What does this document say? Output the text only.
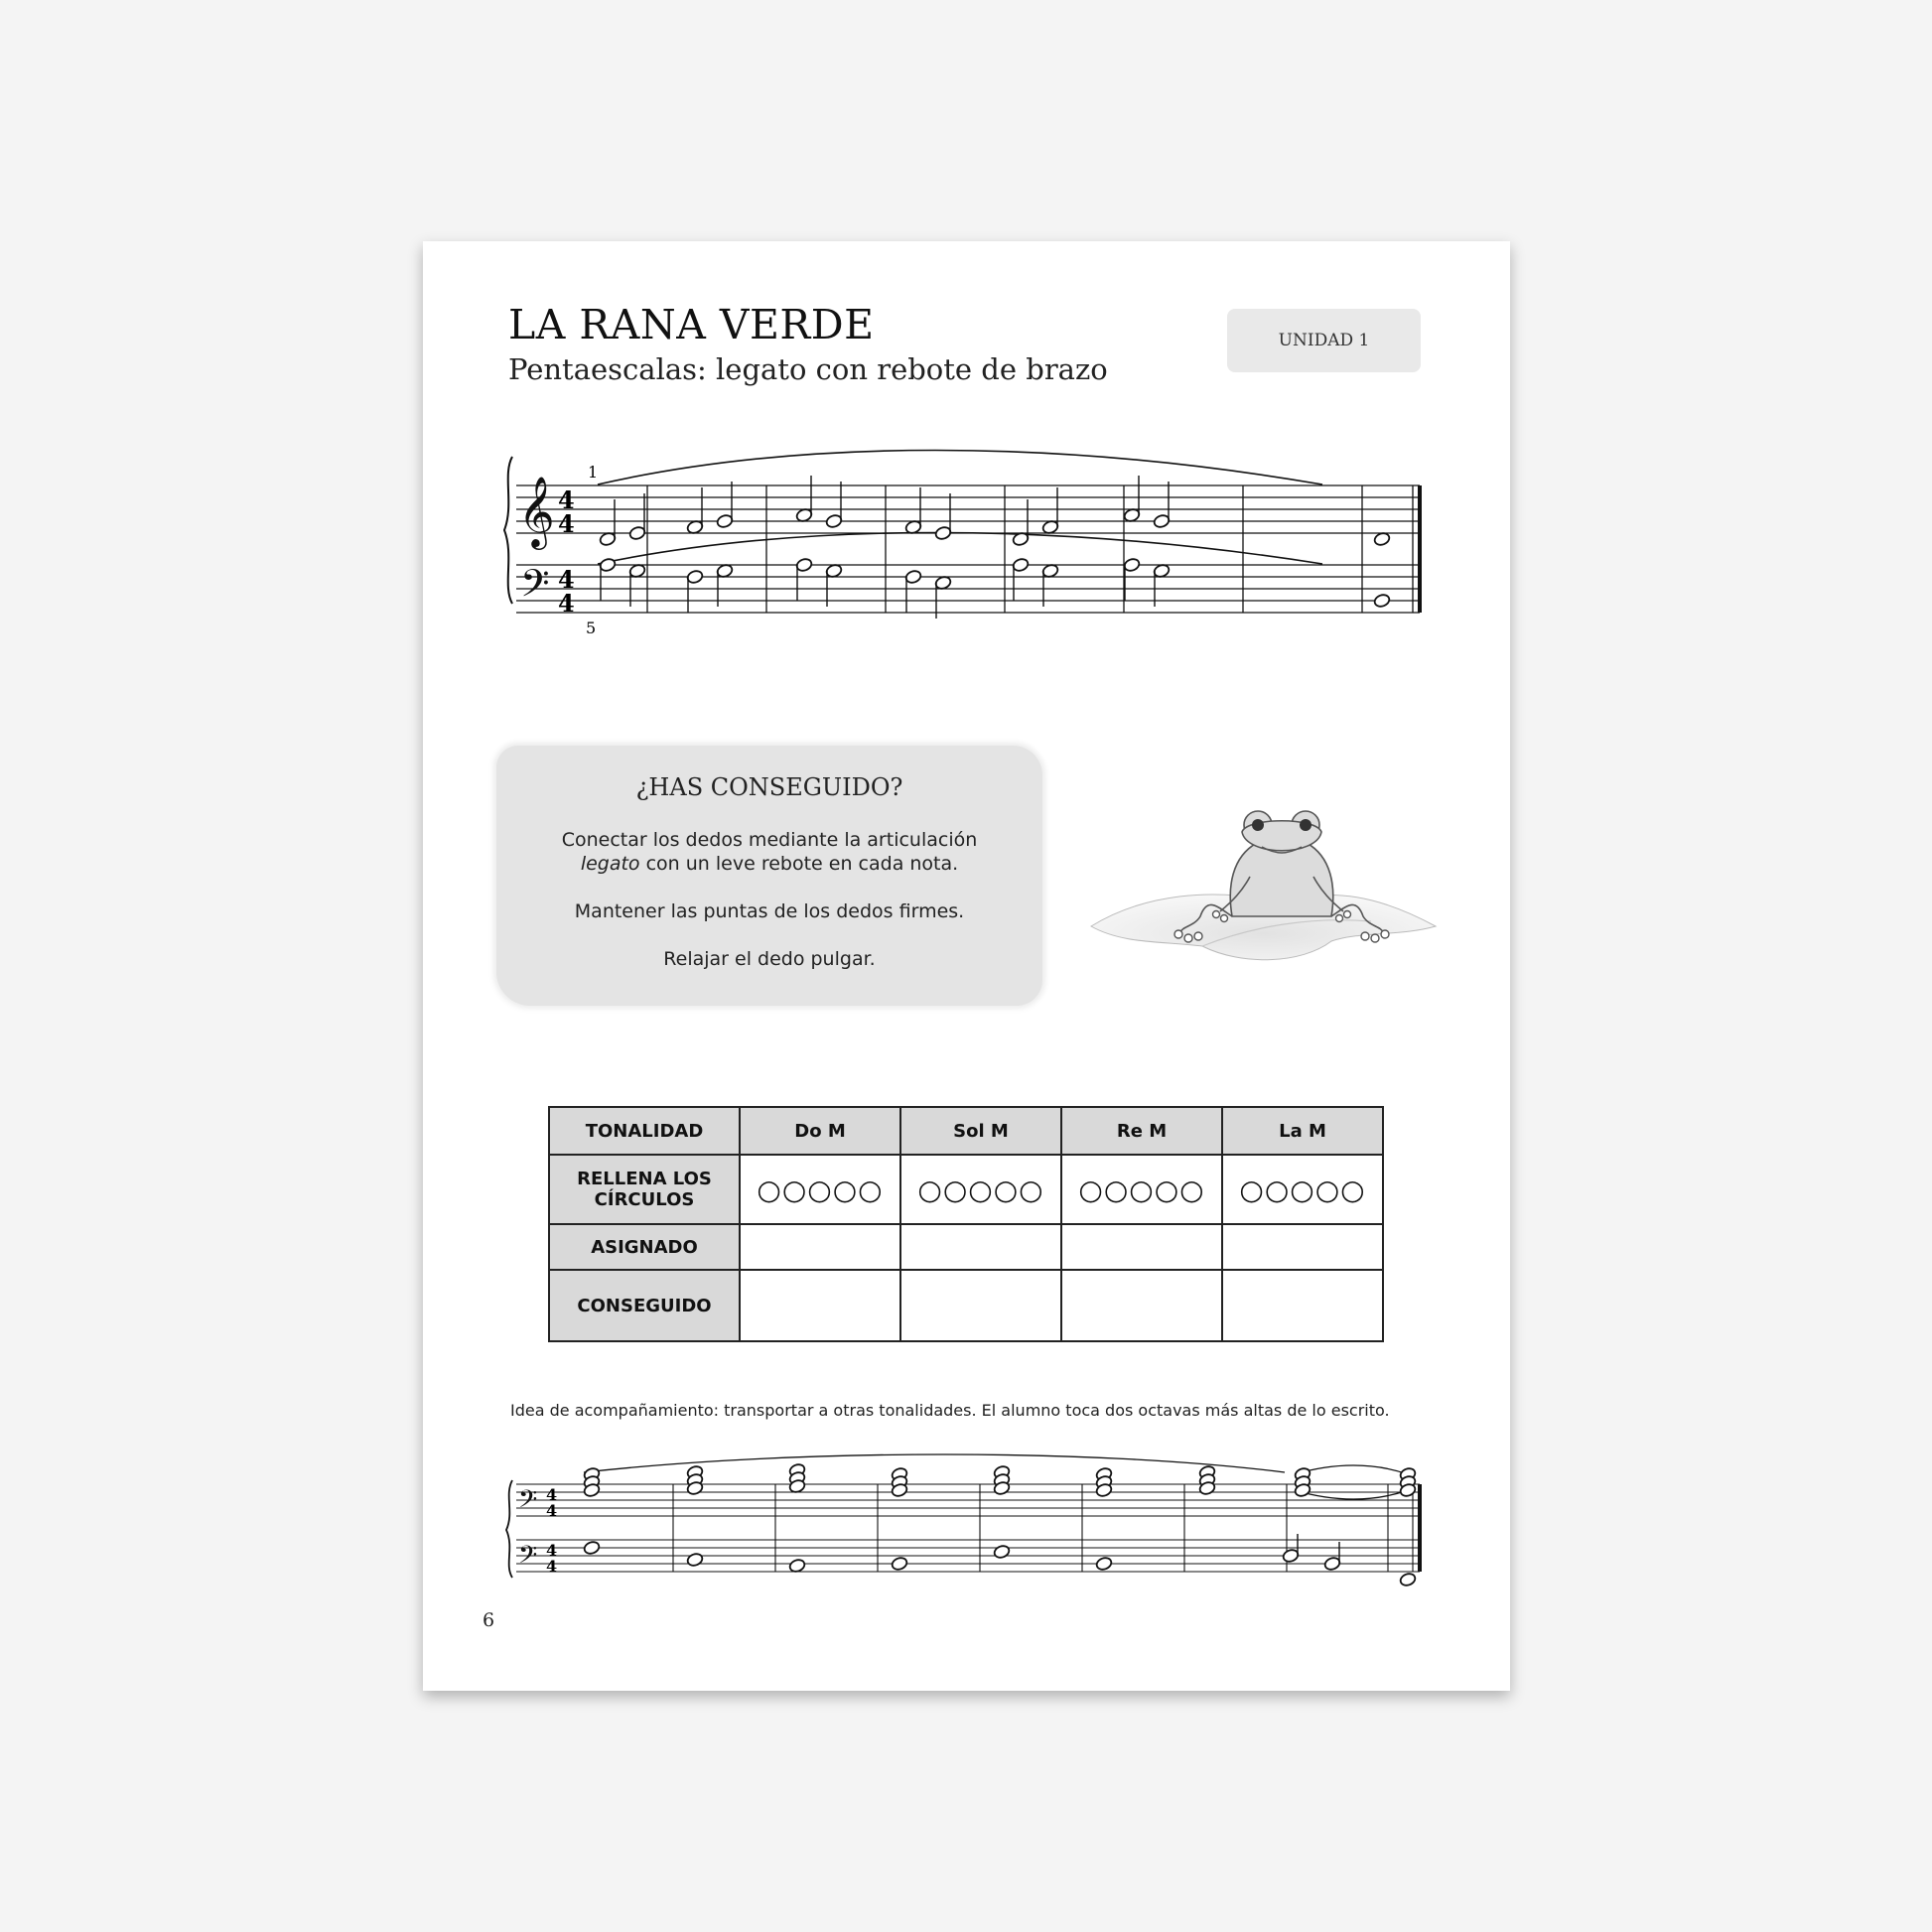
LA RANA VERDE
Pentaescalas: legato con rebote de brazo
UNIDAD 1
𝄞
𝄢
4
4
4
4
1
5
¿HAS CONSEGUIDO?
Conectar los dedos mediante la articulación
legato con un leve rebote en cada nota.
Mantener las puntas de los dedos firmes.
Relajar el dedo pulgar.
TONALIDAD	Do M	Sol M	Re M	La M
RELLENA LOS
CÍRCULOS	○○○○○	○○○○○	○○○○○	○○○○○
ASIGNADO				
CONSEGUIDO				

Idea de acompañamiento: transportar a otras tonalidades. El alumno toca dos octavas más altas de lo escrito.

𝄢
𝄢
4
4
4
4
6
